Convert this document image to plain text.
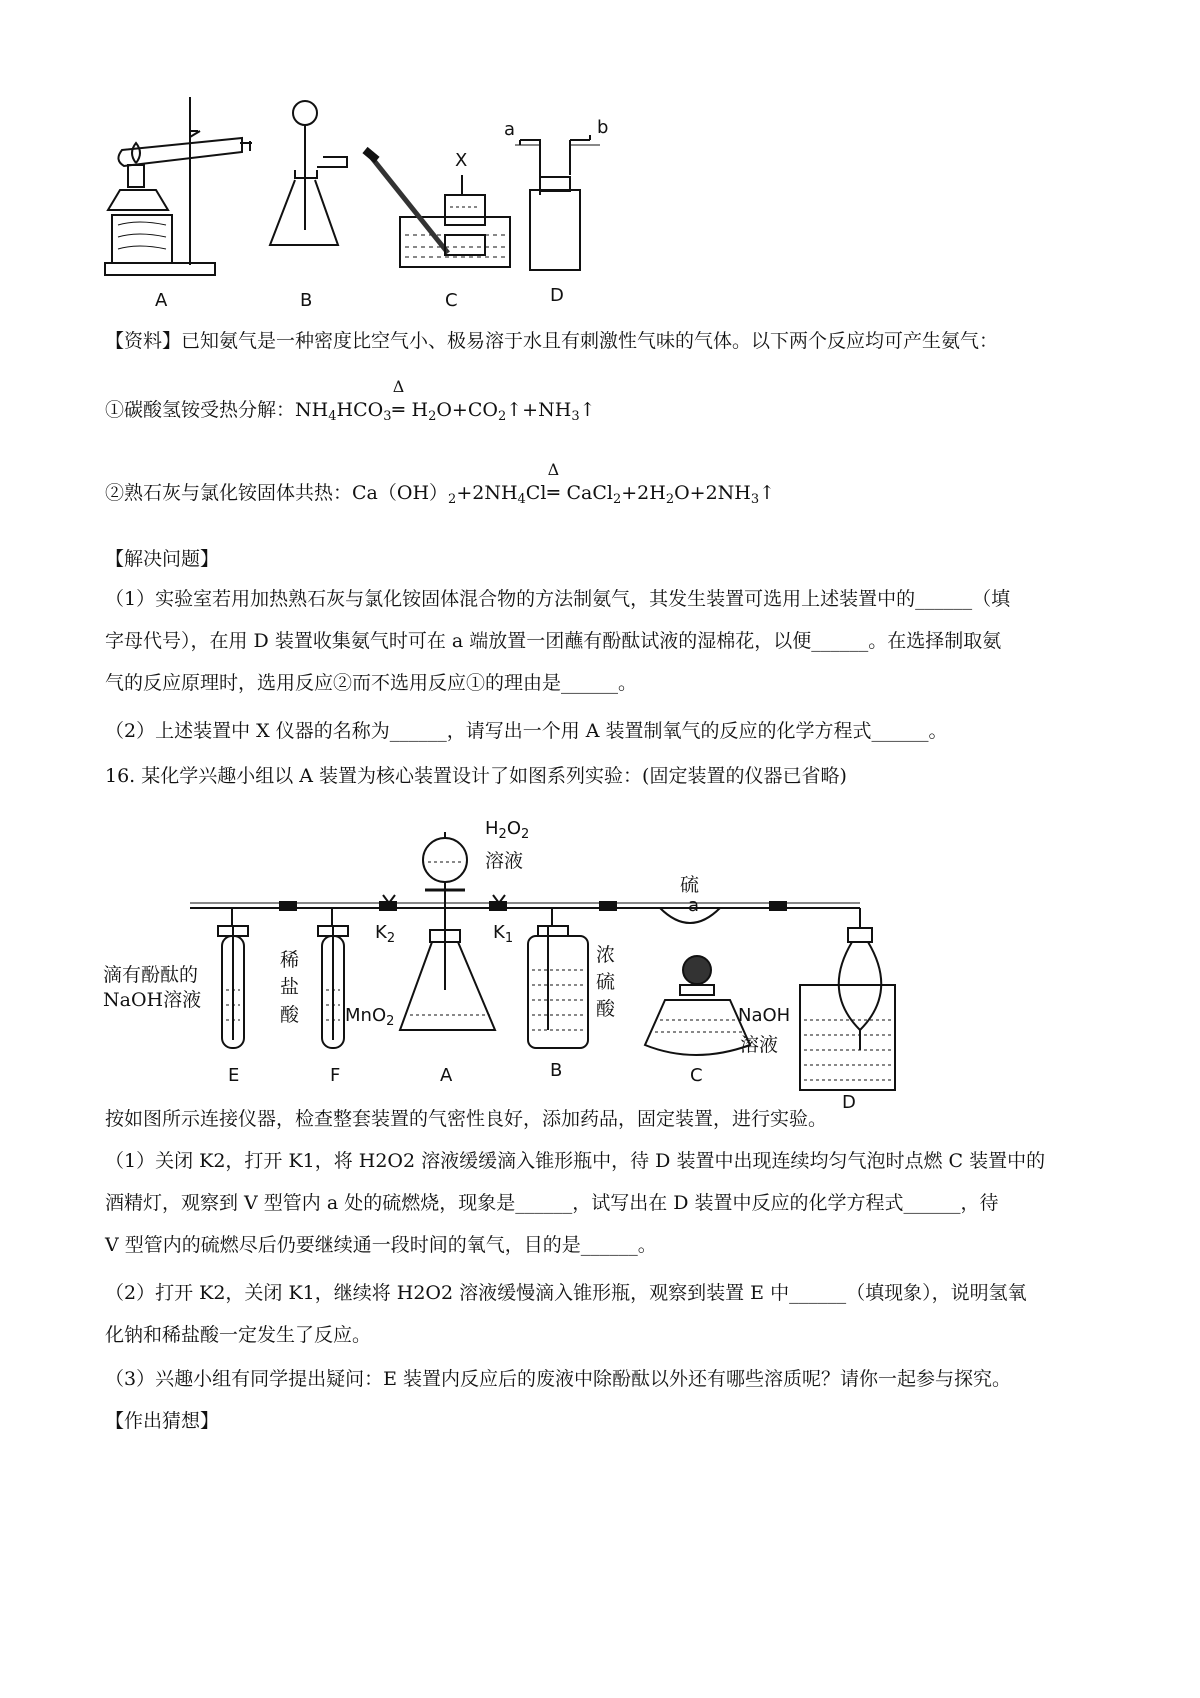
A	B	C	D
X
a	b
【资料】已知氨气是一种密度比空气小、极易溶于水且有刺激性气味的气体。以下两个反应均可产生氨气：
①碳酸氢铵受热分解：$NH_4HCO_3$
Δ
═ $H_2O+CO_2↑+NH_3↑$
②熟石灰与氯化铵固体共热：$Ca(OH)_2+2NH_4Cl$
Δ
═ $CaCl_2+2H_2O+2NH_3↑$
【解决问题】
（1）实验室若用加热熟石灰与氯化铵固体混合物的方法制氨气，其发生装置可选用上述装置中的______（填
字母代号），在用 D 装置收集氨气时可在 a 端放置一团蘸有酚酞试液的湿棉花，以便______。在选择制取氨
气的反应原理时，选用反应②而不选用反应①的理由是______。
（2）上述装置中 X 仪器的名称为______，请写出一个用 A 装置制氧气的反应的化学方程式______。
16. 某化学兴趣小组以 A 装置为核心装置设计了如图系列实验：(固定装置的仪器已省略)
$H_2O_2$
溶液
硫
a
$K_2$	$K_1$
滴有酚酞的
NaOH溶液
稀
盐
酸	MnO$_2$
浓
硫
酸	NaOH
溶液
E	F	A	B	C
D
按如图所示连接仪器，检查整套装置的气密性良好，添加药品，固定装置，进行实验。
（1）关闭 K2，打开 K1，将 H2O2 溶液缓缓滴入锥形瓶中，待 D 装置中出现连续均匀气泡时点燃 C 装置中的
酒精灯，观察到 V 型管内 a 处的硫燃烧，现象是______，试写出在 D 装置中反应的化学方程式______，待
V 型管内的硫燃尽后仍要继续通一段时间的氧气，目的是______。
（2）打开 K2，关闭 K1，继续将 H2O2 溶液缓慢滴入锥形瓶，观察到装置 E 中______（填现象），说明氢氧
化钠和稀盐酸一定发生了反应。
（3）兴趣小组有同学提出疑问：E 装置内反应后的废液中除酚酞以外还有哪些溶质呢？请你一起参与探究。
【作出猜想】
